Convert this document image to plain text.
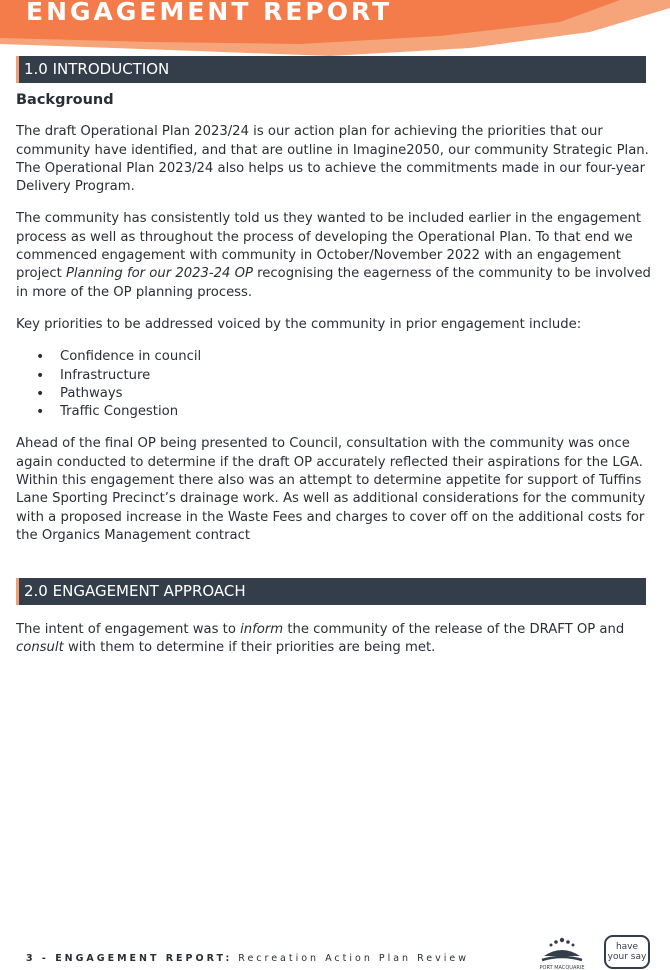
ENGAGEMENT REPORT
1.0 INTRODUCTION
Background

The draft Operational Plan 2023/24 is our action plan for achieving the priorities that our community have identified, and that are outline in Imagine2050, our community Strategic Plan. The Operational Plan 2023/24 also helps us to achieve the commitments made in our four-year Delivery Program.

The community has consistently told us they wanted to be included earlier in the engagement process as well as throughout the process of developing the Operational Plan. To that end we commenced engagement with community in October/November 2022 with an engagement project Planning for our 2023-24 OP recognising the eagerness of the community to be involved in more of the OP planning process.

Key priorities to be addressed voiced by the community in prior engagement include:

• Confidence in council
• Infrastructure
• Pathways
• Traffic Congestion

Ahead of the final OP being presented to Council, consultation with the community was once again conducted to determine if the draft OP accurately reflected their aspirations for the LGA. Within this engagement there also was an attempt to determine appetite for support of Tuffins Lane Sporting Precinct’s drainage work. As well as additional considerations for the community with a proposed increase in the Waste Fees and charges to cover off on the additional costs for the Organics Management contract

2.0 ENGAGEMENT APPROACH

The intent of engagement was to inform the community of the release of the DRAFT OP and consult with them to determine if their priorities are being met.

3 - ENGAGEMENT REPORT: Recreation Action Plan Review
PORT MACQUARIE
have
your say
